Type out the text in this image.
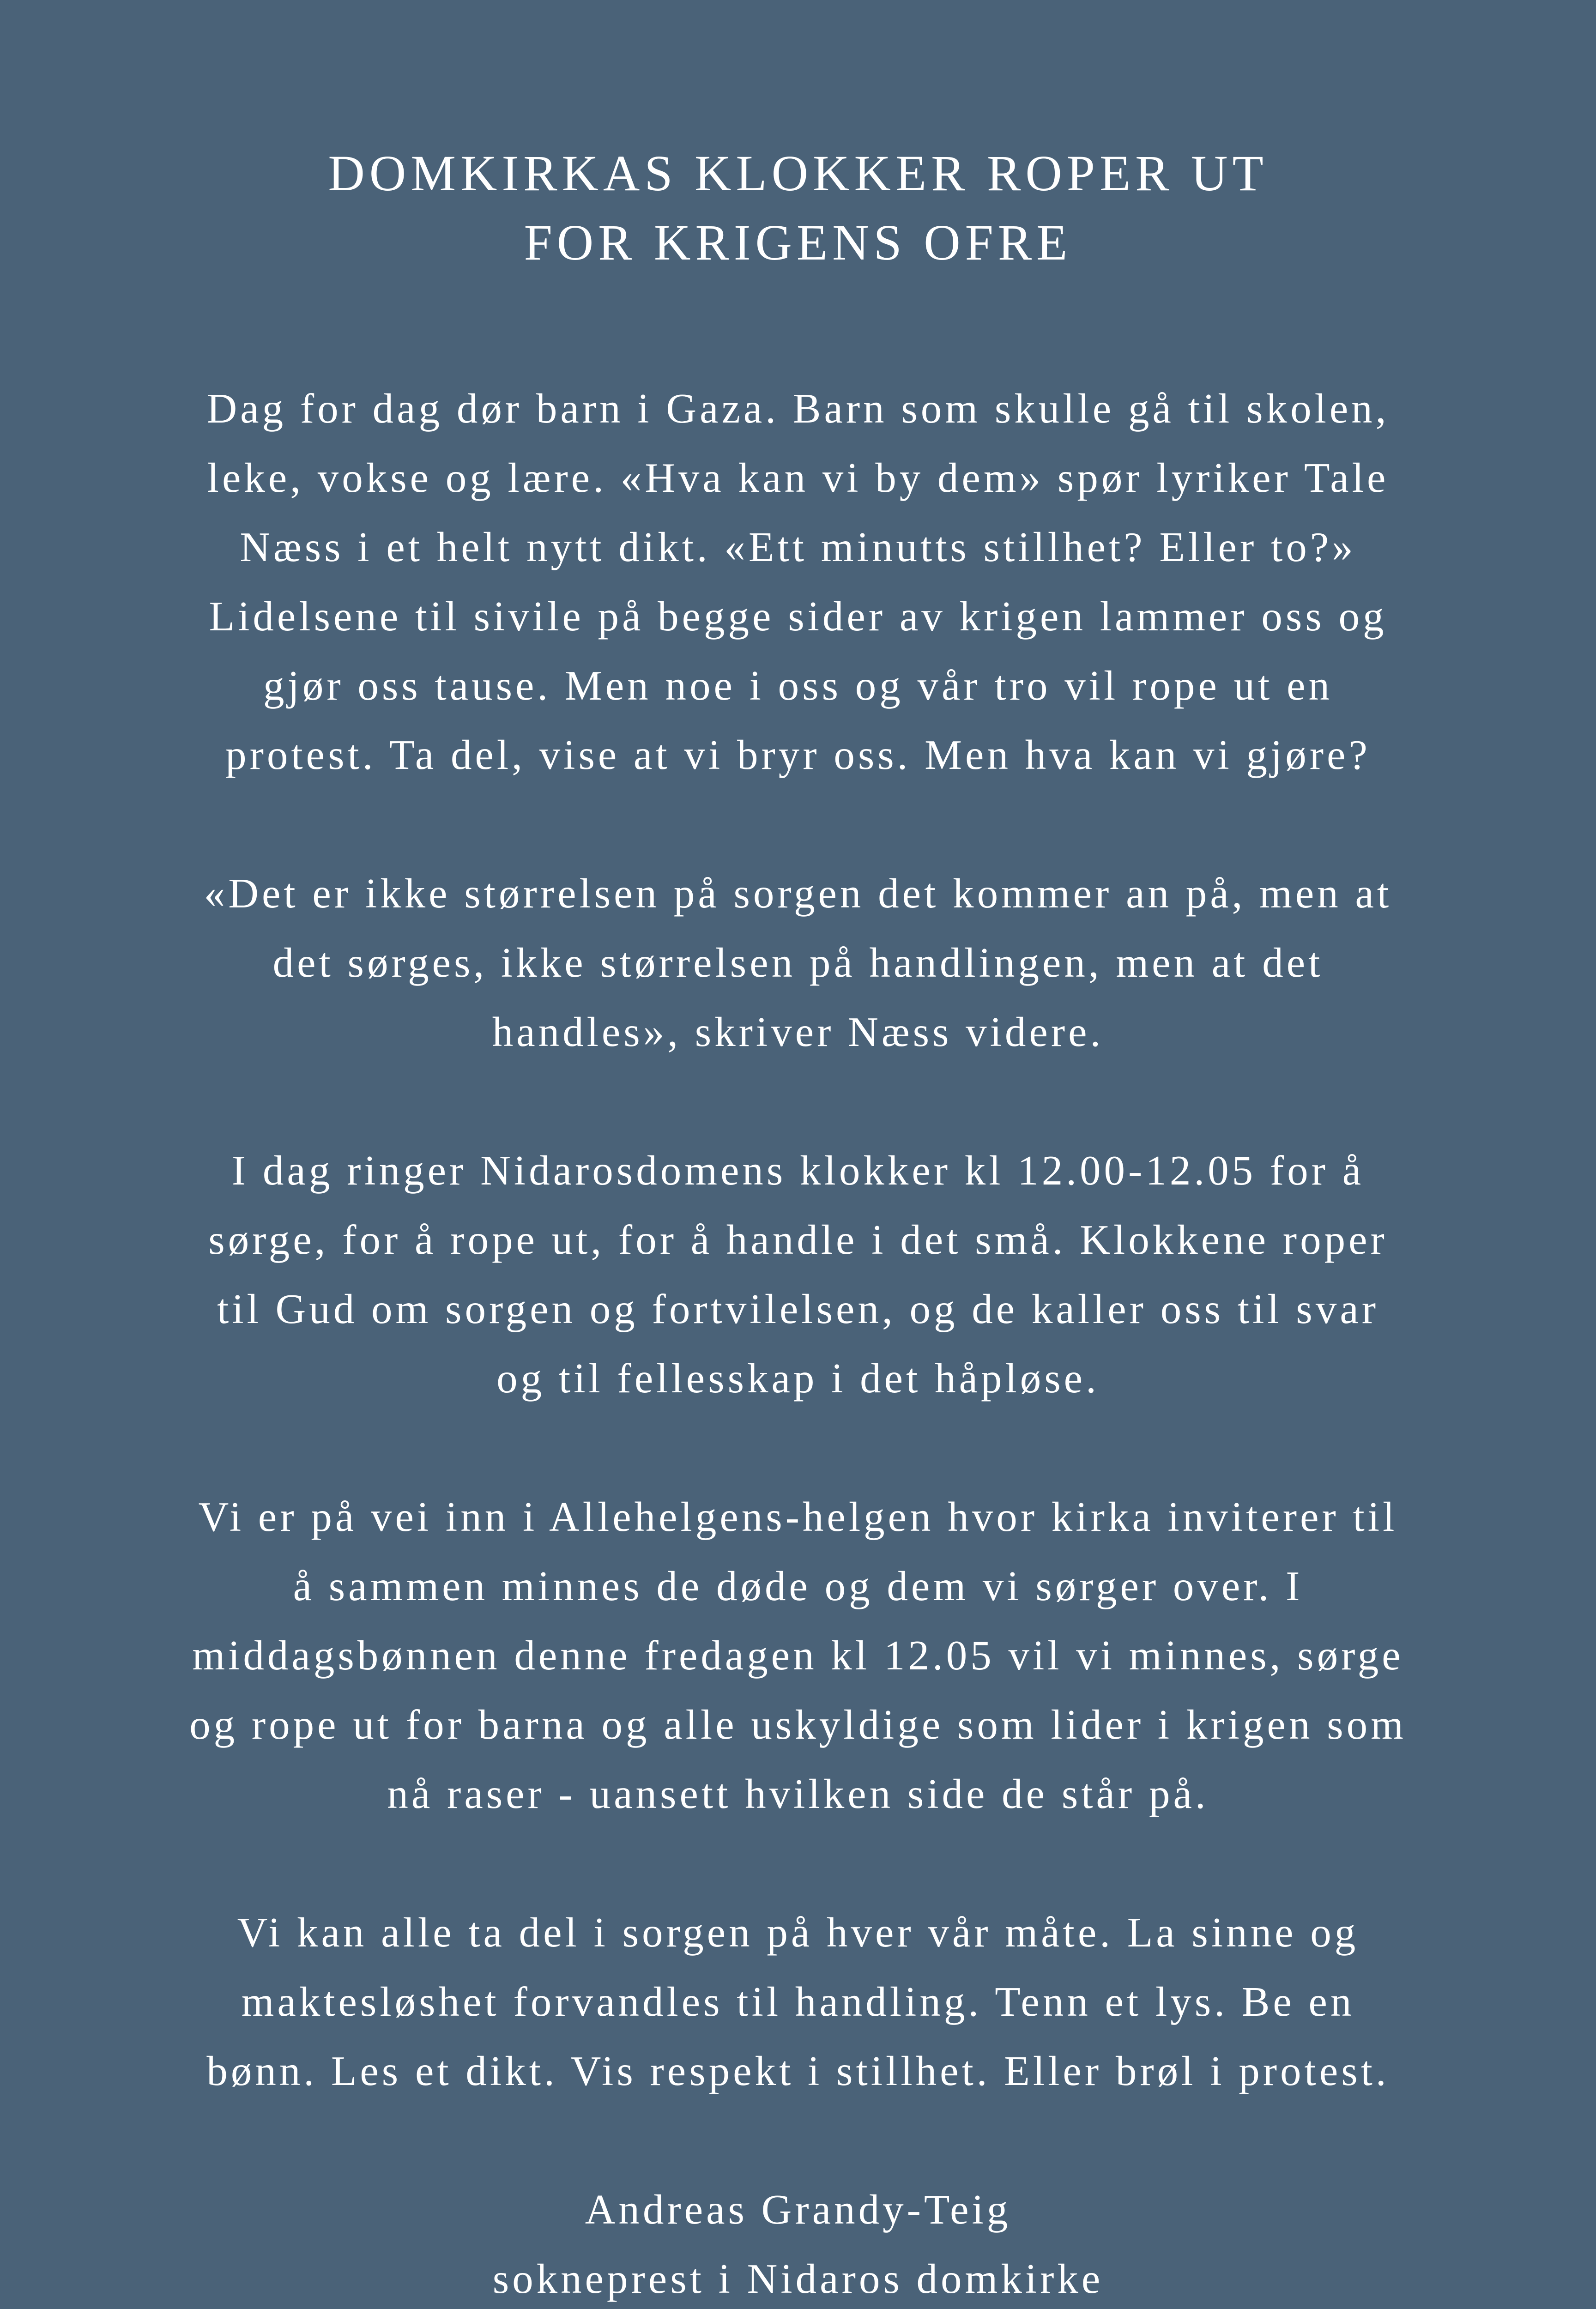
DOMKIRKAS KLOKKER ROPER UT
FOR KRIGENS OFRE
Dag for dag dør barn i Gaza. Barn som skulle gå til skolen,
leke, vokse og lære. «Hva kan vi by dem» spør lyriker Tale
Næss i et helt nytt dikt. «Ett minutts stillhet? Eller to?»
Lidelsene til sivile på begge sider av krigen lammer oss og
gjør oss tause. Men noe i oss og vår tro vil rope ut en
protest. Ta del, vise at vi bryr oss. Men hva kan vi gjøre?
«Det er ikke størrelsen på sorgen det kommer an på, men at
det sørges, ikke størrelsen på handlingen, men at det
handles», skriver Næss videre.
I dag ringer Nidarosdomens klokker kl 12.00-12.05 for å
sørge, for å rope ut, for å handle i det små. Klokkene roper
til Gud om sorgen og fortvilelsen, og de kaller oss til svar
og til fellesskap i det håpløse.
Vi er på vei inn i Allehelgens-helgen hvor kirka inviterer til
å sammen minnes de døde og dem vi sørger over. I
middagsbønnen denne fredagen kl 12.05 vil vi minnes, sørge
og rope ut for barna og alle uskyldige som lider i krigen som
nå raser - uansett hvilken side de står på.
Vi kan alle ta del i sorgen på hver vår måte. La sinne og
maktesløshet forvandles til handling. Tenn et lys. Be en
bønn. Les et dikt. Vis respekt i stillhet. Eller brøl i protest.
Andreas Grandy-Teig
sokneprest i Nidaros domkirke
